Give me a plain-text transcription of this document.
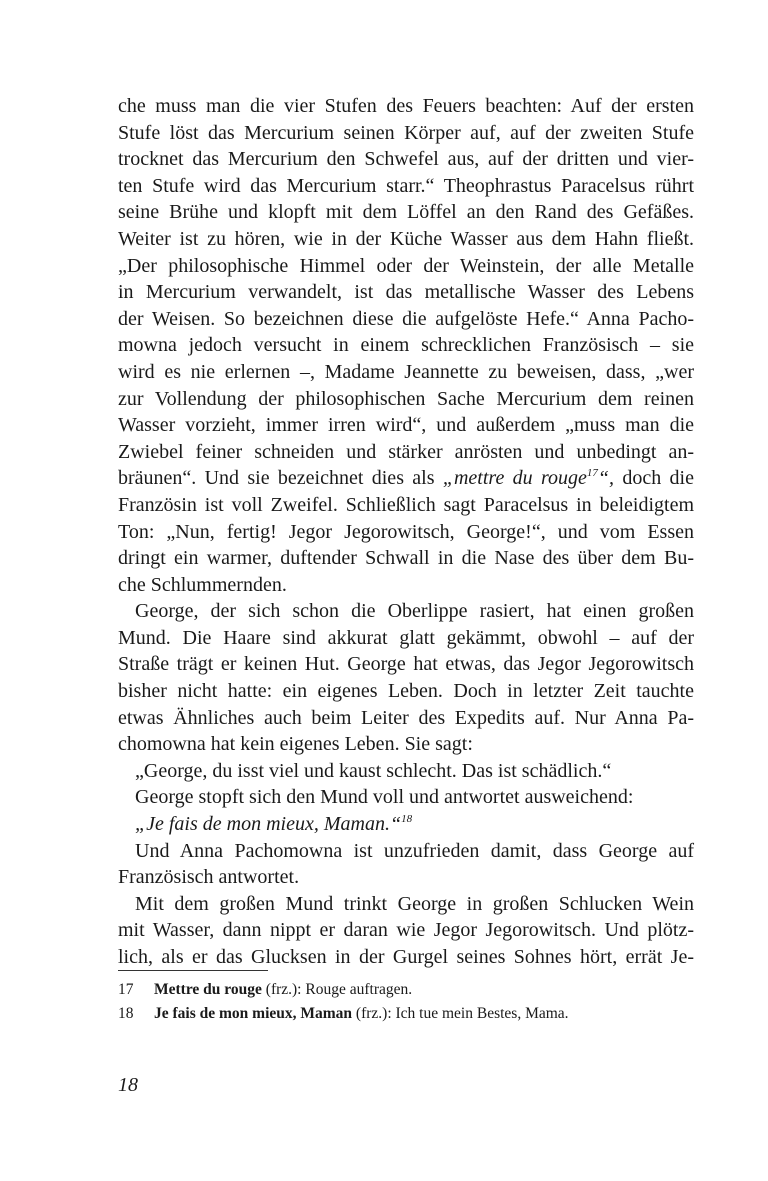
che muss man die vier Stufen des Feuers beachten: Auf der ersten
Stufe löst das Mercurium seinen Körper auf, auf der zweiten Stufe
trocknet das Mercurium den Schwefel aus, auf der dritten und vier-
ten Stufe wird das Mercurium starr.“ Theophrastus Paracelsus rührt
seine Brühe und klopft mit dem Löffel an den Rand des Gefäßes.
Weiter ist zu hören, wie in der Küche Wasser aus dem Hahn fließt.
„Der philosophische Himmel oder der Weinstein, der alle Metalle
in Mercurium verwandelt, ist das metallische Wasser des Lebens
der Weisen. So bezeichnen diese die aufgelöste Hefe.“ Anna Pacho-
mowna jedoch versucht in einem schrecklichen Französisch – sie
wird es nie erlernen –, Madame Jeannette zu beweisen, dass, „wer
zur Vollendung der philosophischen Sache Mercurium dem reinen
Wasser vorzieht, immer irren wird“, und außerdem „muss man die
Zwiebel feiner schneiden und stärker anrösten und unbedingt an-
bräunen“. Und sie bezeichnet dies als „mettre du rouge$^{17}$“, doch die
Französin ist voll Zweifel. Schließlich sagt Paracelsus in beleidigtem
Ton: „Nun, fertig! Jegor Jegorowitsch, George!“, und vom Essen
dringt ein warmer, duftender Schwall in die Nase des über dem Bu-
che Schlummernden.
George, der sich schon die Oberlippe rasiert, hat einen großen
Mund. Die Haare sind akkurat glatt gekämmt, obwohl – auf der
Straße trägt er keinen Hut. George hat etwas, das Jegor Jegorowitsch
bisher nicht hatte: ein eigenes Leben. Doch in letzter Zeit tauchte
etwas Ähnliches auch beim Leiter des Expedits auf. Nur Anna Pa-
chomowna hat kein eigenes Leben. Sie sagt:
„George, du isst viel und kaust schlecht. Das ist schädlich.“
George stopft sich den Mund voll und antwortet ausweichend:
„Je fais de mon mieux, Maman.“$^{18}$
Und Anna Pachomowna ist unzufrieden damit, dass George auf
Französisch antwortet.
Mit dem großen Mund trinkt George in großen Schlucken Wein
mit Wasser, dann nippt er daran wie Jegor Jegorowitsch. Und plötz-
lich, als er das Glucksen in der Gurgel seines Sohnes hört, errät Je-
17 Mettre du rouge (frz.): Rouge auftragen.
18 Je fais de mon mieux, Maman (frz.): Ich tue mein Bestes, Mama.
18
